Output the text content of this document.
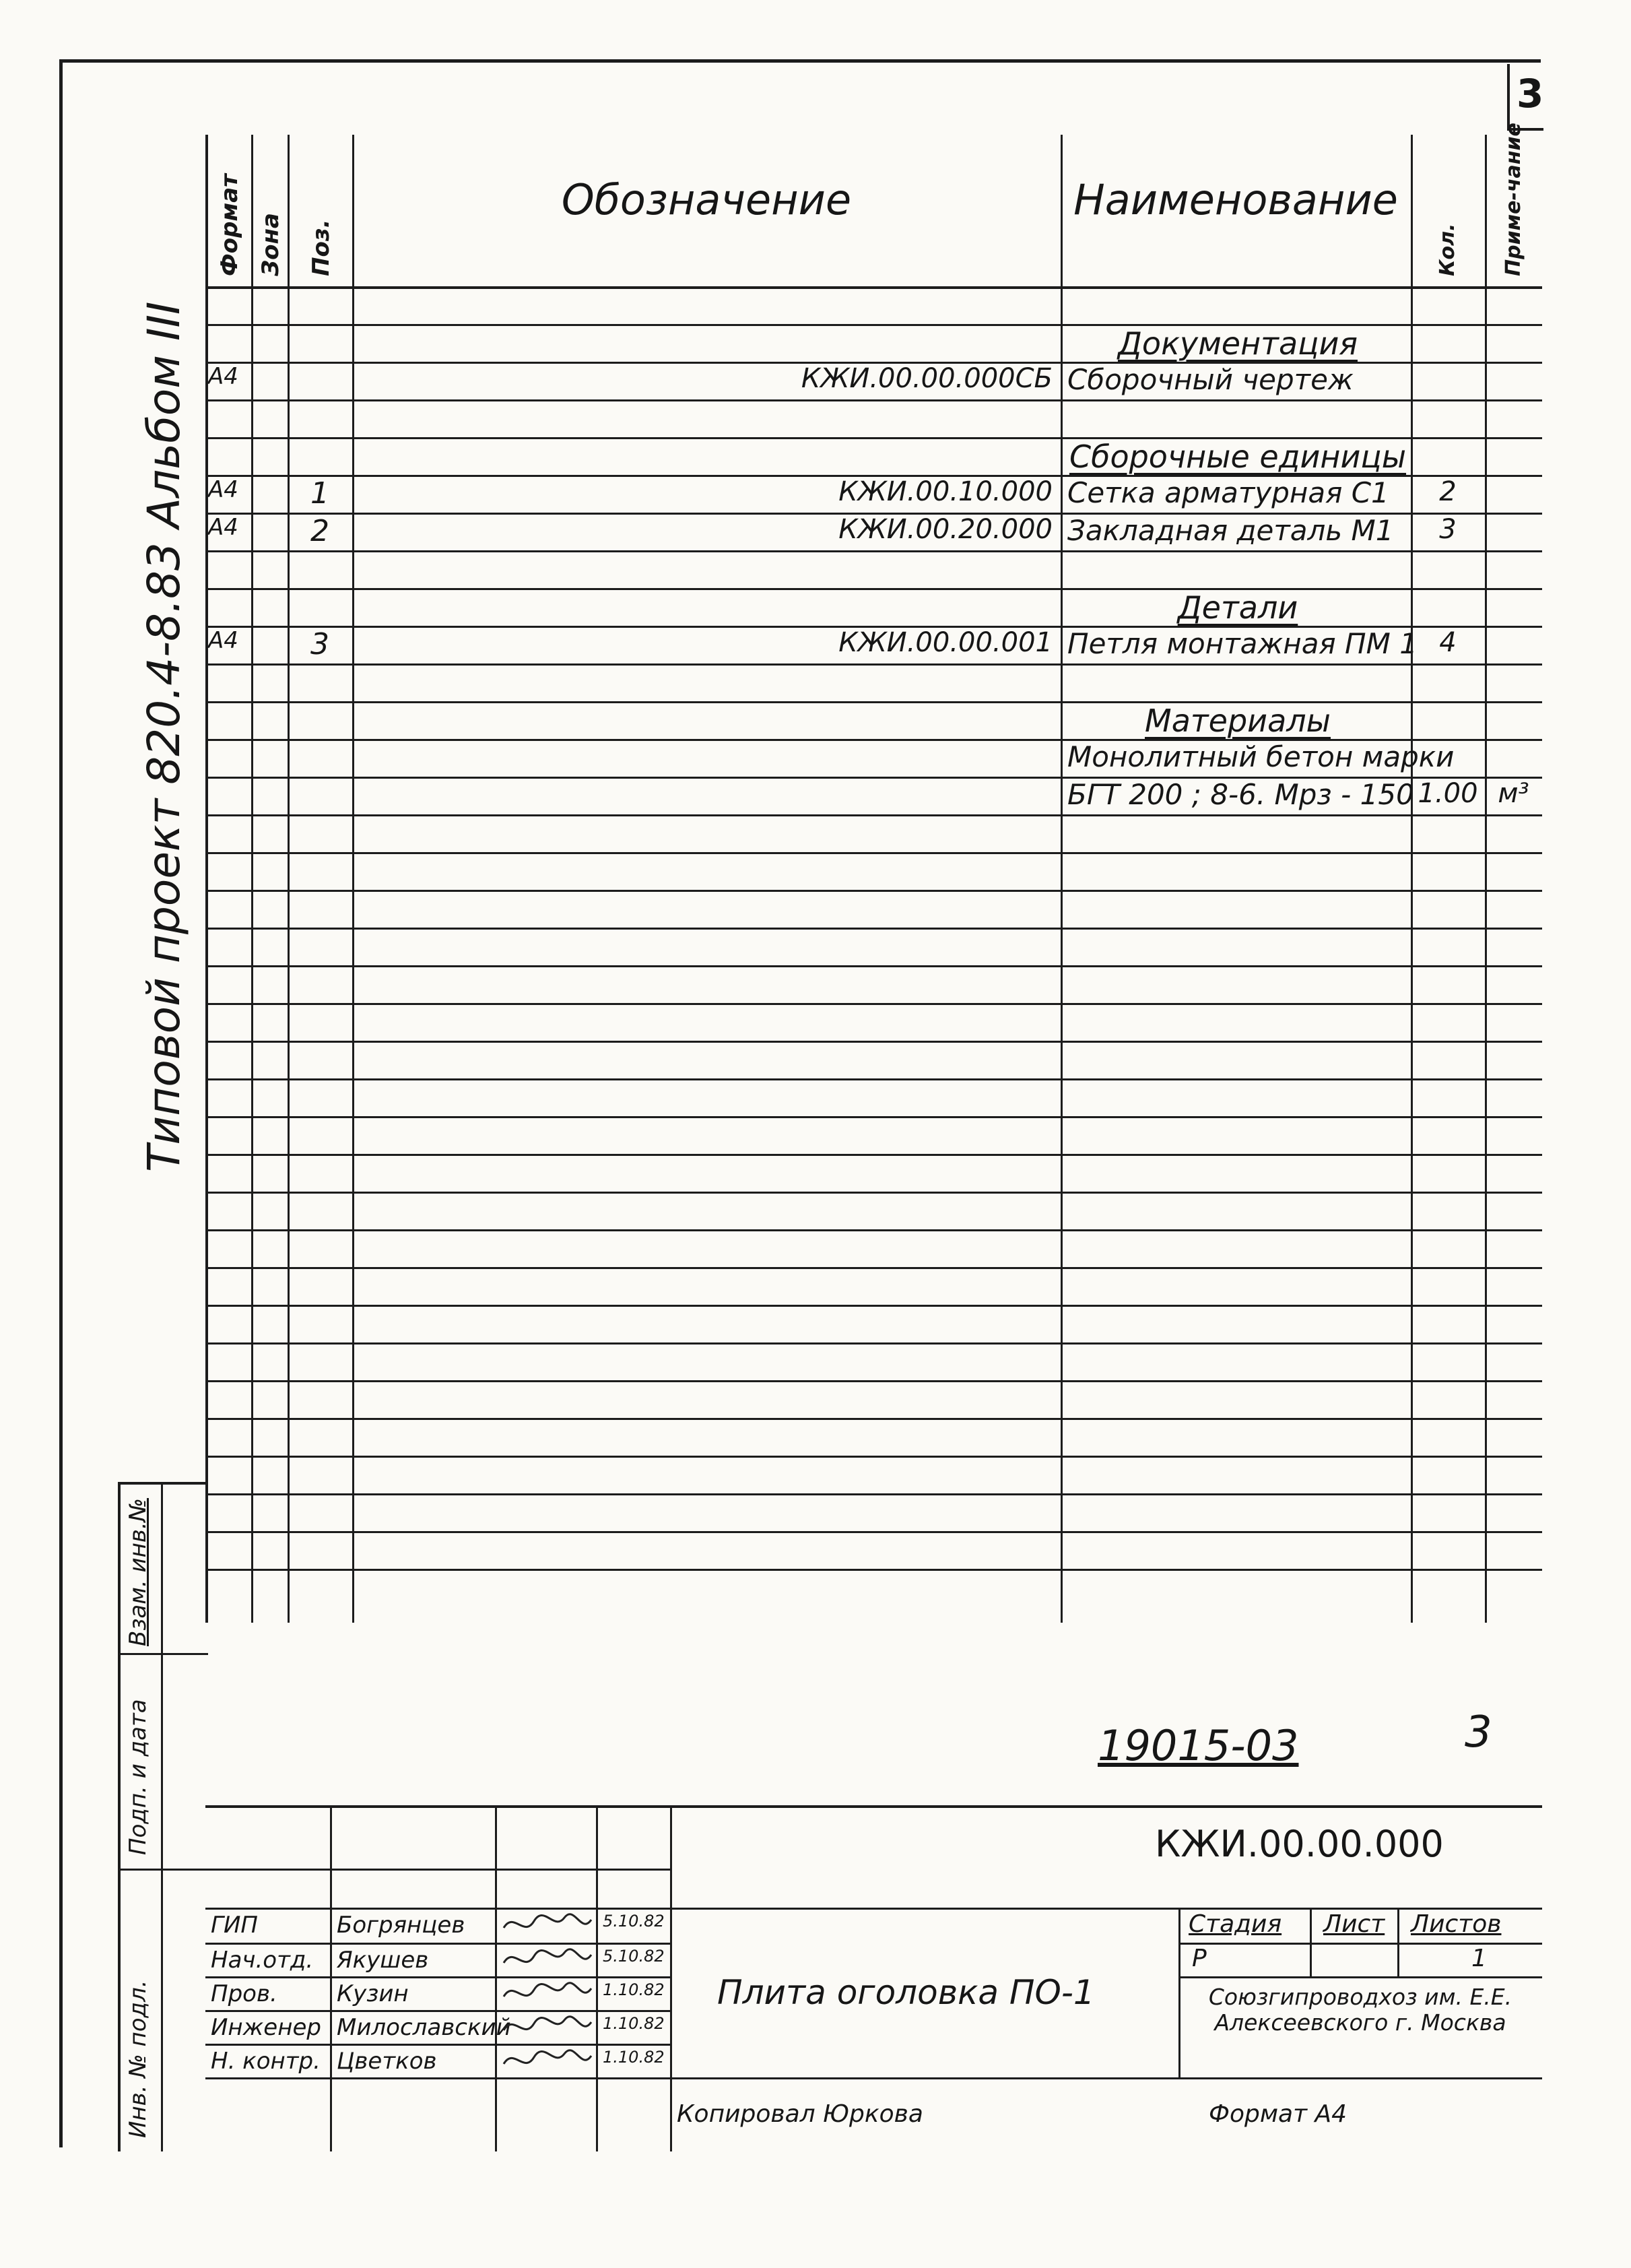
3
Формат Зона Поз.
Обозначение	Наименование
Кол. Приме-чание
Документация
А4	КЖИ.00.00.000СБ Сборочный чертеж
Сборочные единицы
А4	1	КЖИ.00.10.000 Сетка арматурная С1	2
А4	2	КЖИ.00.20.000 Закладная деталь М1	3
Детали
А4	3	КЖИ.00.00.001 Петля монтажная ПМ 1 4
Материалы
Монолитный бетон марки
БГТ 200 ; 8-6. Мрз - 150 1.00 м³
Типовой проект 820.4-8.83 Альбом III
Взам. инв.№
Подп. и дата
Инв. № подл.
19015-03	3
КЖИ.00.00.000
Плита оголовка ПО-1
Стадия Лист Листов
Р	1
Союзгипроводхоз им. Е.Е. Алексеевского г. Москва
ГИП	Богрянцев	5.10.82
Нач.отд.	Якушев	5.10.82
Пров.	Кузин	1.10.82
Инженер Милославский	1.10.82
Н. контр. Цветков	1.10.82
Копировал Юркова	Формат А4
